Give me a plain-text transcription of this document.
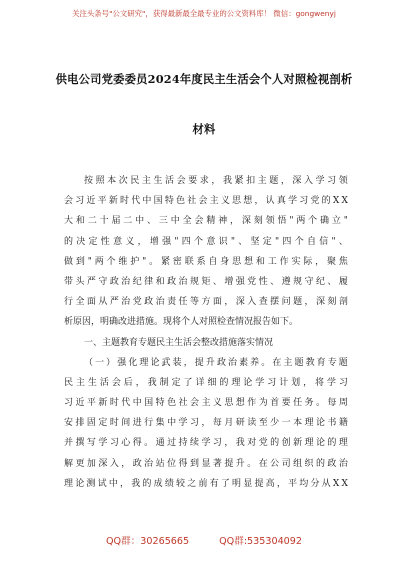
关注头条号"公文研究"，获得最新最全最专业的公文资料库！ 微信：gongwenyj
供电公司党委委员2024年度民主生活会个人对照检视剖析
材料
按 照 本 次 民 主 生 活 会 要 求 ， 我 紧 扣 主 题 ， 深 入 学 习 领
会 习 近 平 新 时 代 中 国 特 色 社 会 主 义 思 想 ， 认 真 学 习 党 的 X X
大 和 二 十 届 二 中 、 三 中 全 会 精 神 ， 深 刻 领 悟 " 两 个 确 立 "
的 决 定 性 意 义 ， 增 强 " 四 个 意 识 " 、 坚 定 " 四 个 自 信 " 、
做 到 " 两 个 维 护 " 。 紧 密 联 系 自 身 思 想 和 工 作 实 际 ， 聚 焦
带 头 严 守 政 治 纪 律 和 政 治 规 矩 、 增 强 党 性 、 遵 规 守 纪 、 履
行 全 面 从 严 治 党 政 治 责 任 等 方 面 ， 深 入 查 摆 问 题 ， 深 刻 剖
析原因，明确改进措施。现将个人对照检查情况报告如下。
一、主题教育专题民主生活会整改措施落实情况
（ 一 ） 强 化 理 论 武 装 ， 提 升 政 治 素 养 。 在 主 题 教 育 专 题
民 主 生 活 会 后 ， 我 制 定 了 详 细 的 理 论 学 习 计 划 ， 将 学 习
习 近 平 新 时 代 中 国 特 色 社 会 主 义 思 想 作 为 首 要 任 务 。 每 周
安 排 固 定 时 间 进 行 集 中 学 习 ， 每 月 研 读 至 少 一 本 理 论 书 籍
并 撰 写 学 习 心 得 。 通 过 持 续 学 习 ， 我 对 党 的 创 新 理 论 的 理
解 更 加 深 入 ， 政 治 站 位 得 到 显 著 提 升 。 在 公 司 组 织 的 政 治
理 论 测 试 中 ， 我 的 成 绩 较 之 前 有 了 明 显 提 高 ， 平 均 分 从 X X
QQ群：30265665	QQ群:535304092
